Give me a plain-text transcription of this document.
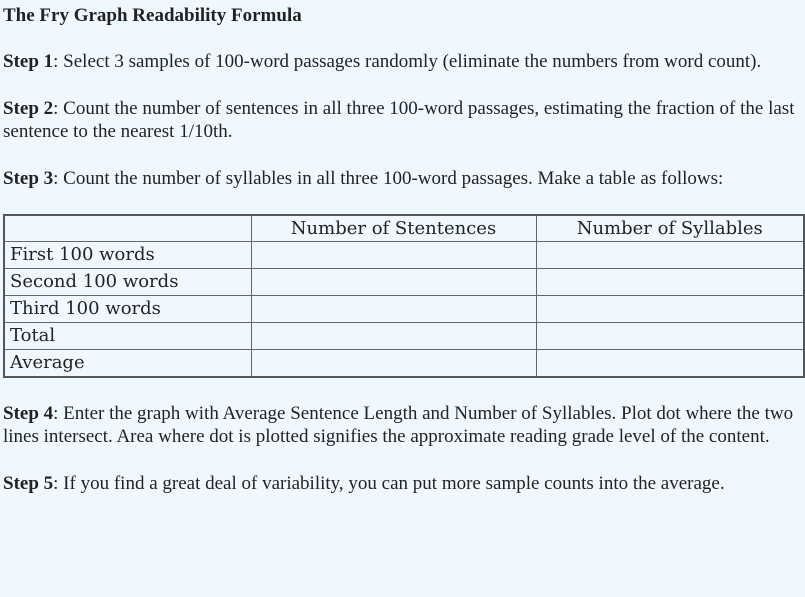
The Fry Graph Readability Formula

Step 1: Select 3 samples of 100-word passages randomly (eliminate the numbers from word count).

Step 2: Count the number of sentences in all three 100-word passages, estimating the fraction of the last sentence to the nearest 1/10th.

Step 3: Count the number of syllables in all three 100-word passages. Make a table as follows:

	Number of Stentences	Number of Syllables
First 100 words		
Second 100 words		
Third 100 words		
Total		
Average		

Step 4: Enter the graph with Average Sentence Length and Number of Syllables. Plot dot where the two lines intersect. Area where dot is plotted signifies the approximate reading grade level of the content.

Step 5: If you find a great deal of variability, you can put more sample counts into the average.
